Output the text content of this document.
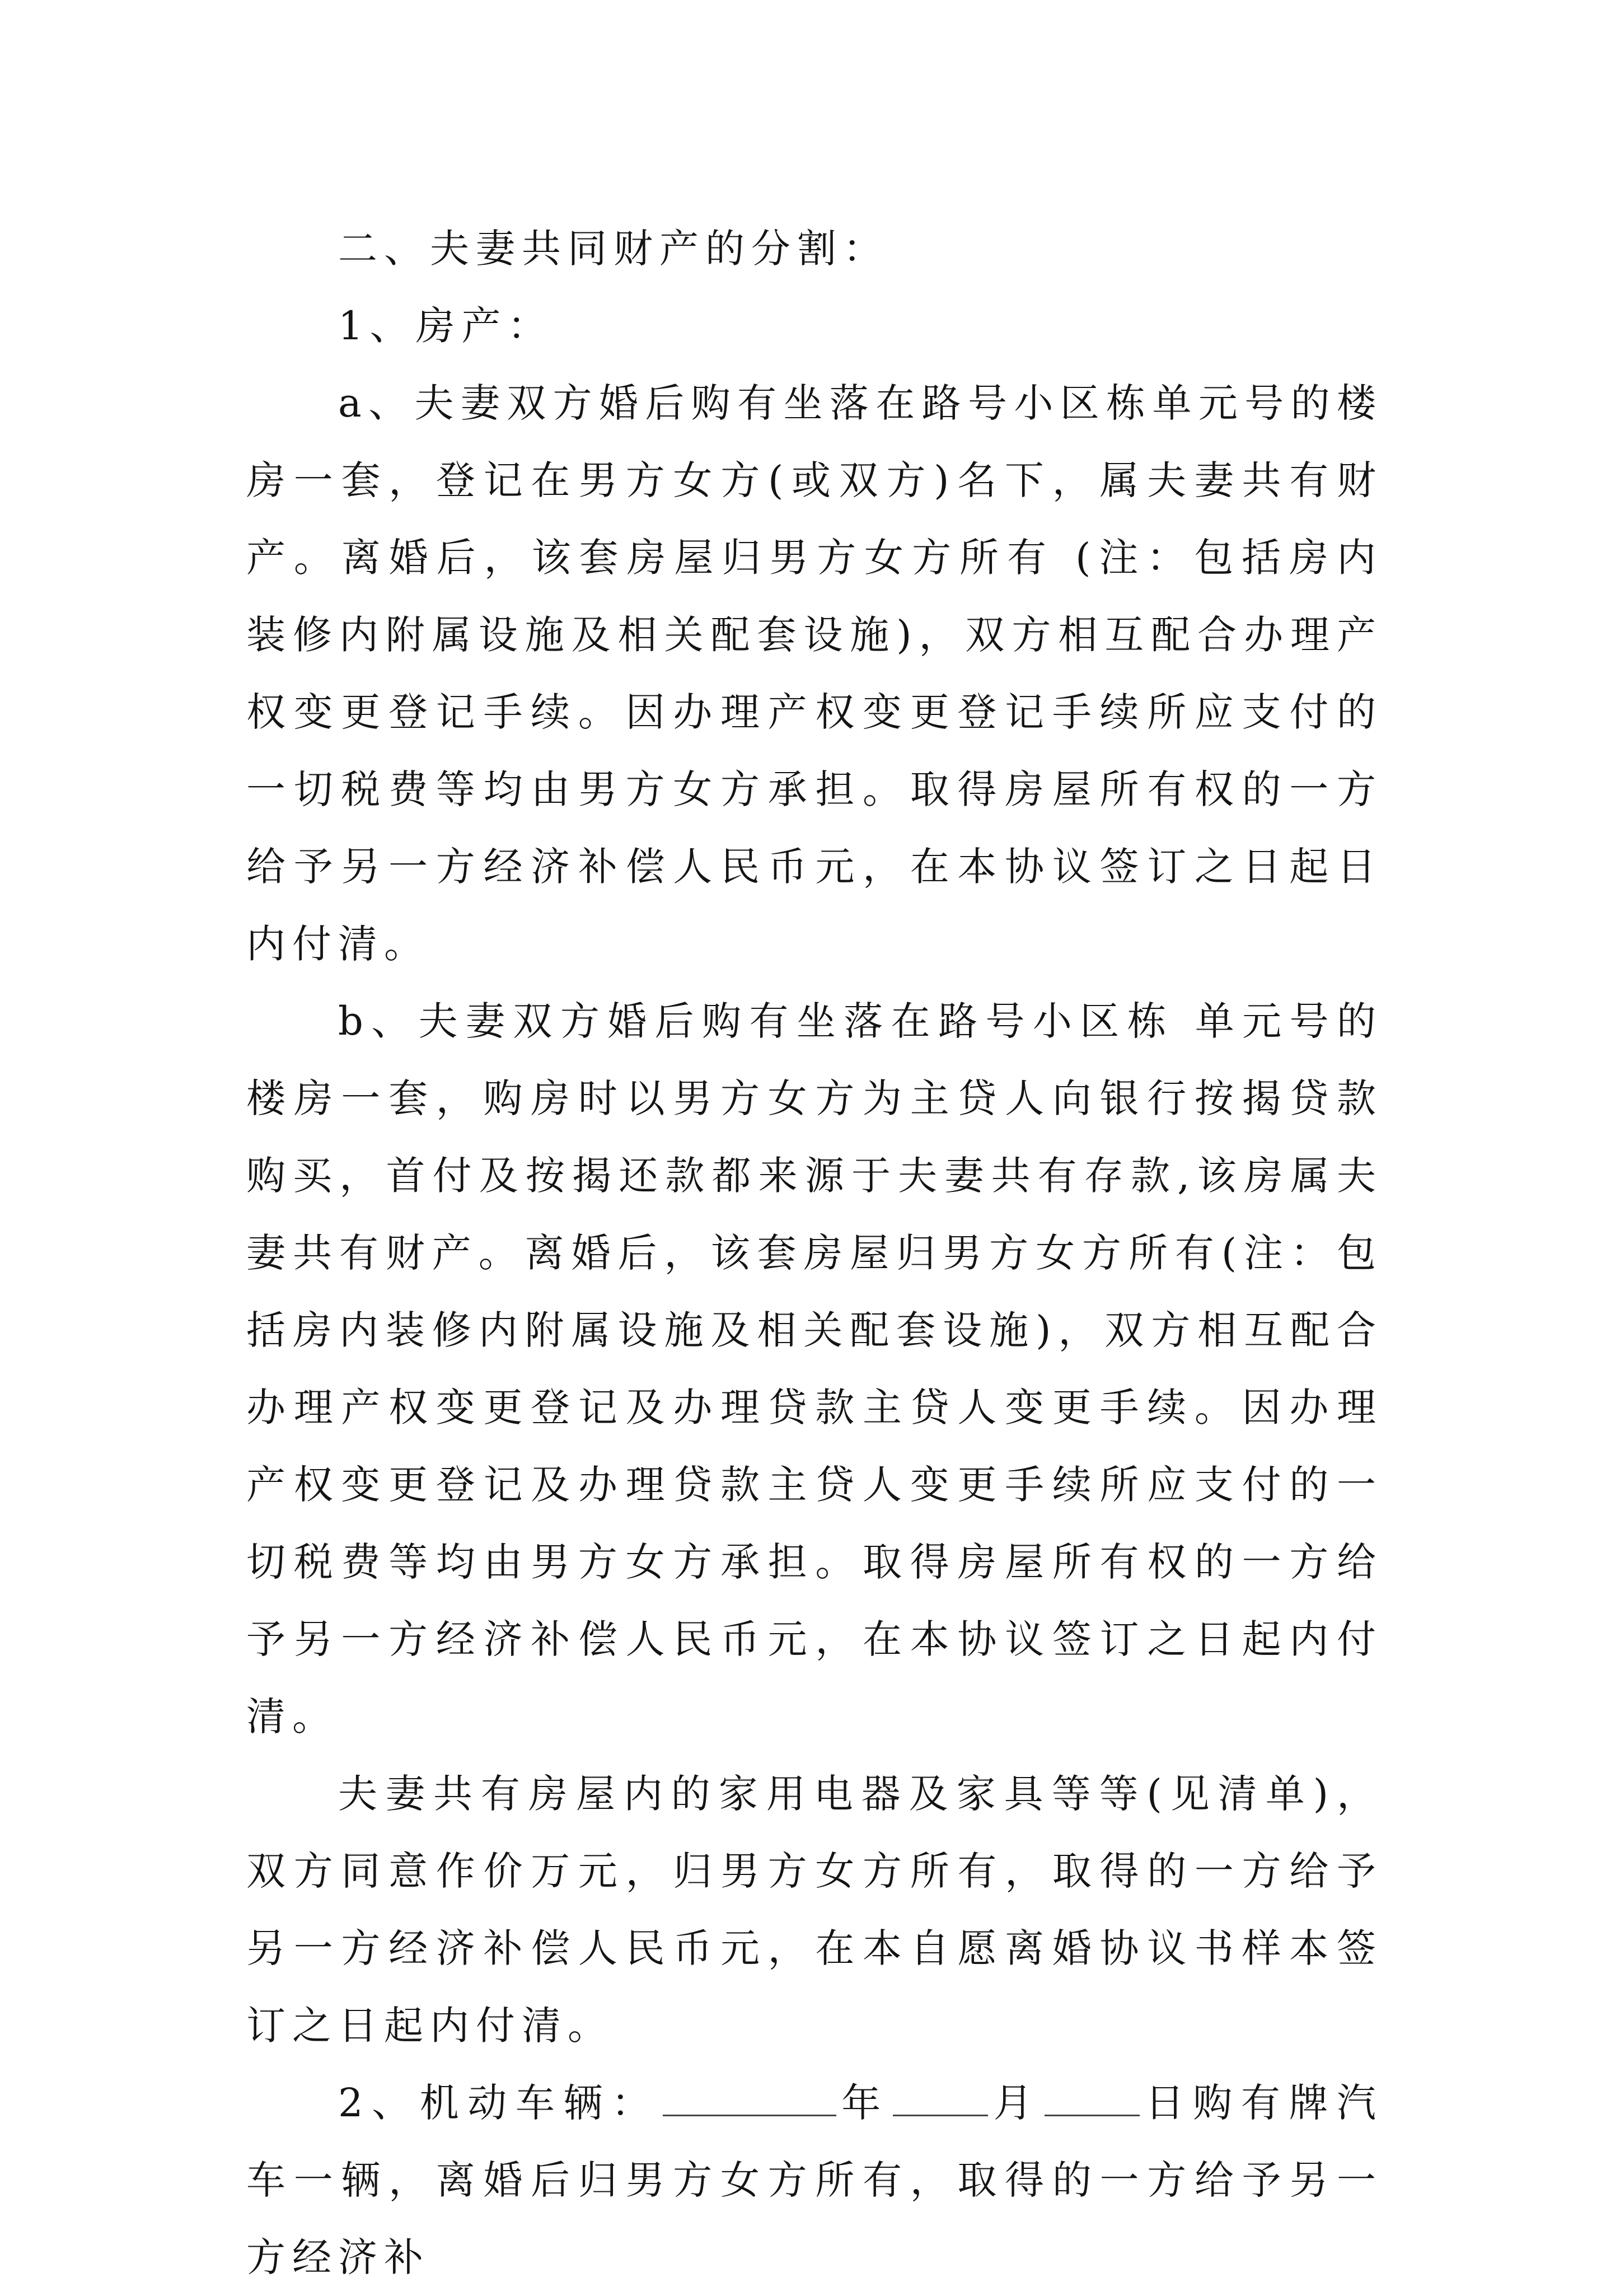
二、夫妻共同财产的分割：

1、房产：

a、夫妻双方婚后购有坐落在路号小区栋单元号的楼房一套，登记在男方女方(或双方)名下，属夫妻共有财产。离婚后，该套房屋归男方女方所有 (注：包括房内装修内附属设施及相关配套设施)，双方相互配合办理产权变更登记手续。因办理产权变更登记手续所应支付的一切税费等均由男方女方承担。取得房屋所有权的一方给予另一方经济补偿人民币元，在本协议签订之日起日内付清。

b、夫妻双方婚后购有坐落在路号小区栋 单元号的楼房一套，购房时以男方女方为主贷人向银行按揭贷款购买，首付及按揭还款都来源于夫妻共有存款,该房属夫妻共有财产。离婚后，该套房屋归男方女方所有(注：包括房内装修内附属设施及相关配套设施)，双方相互配合办理产权变更登记及办理贷款主贷人变更手续。因办理产权变更登记及办理贷款主贷人变更手续所应支付的一切税费等均由男方女方承担。取得房屋所有权的一方给予另一方经济补偿人民币元，在本协议签订之日起内付清。

夫妻共有房屋内的家用电器及家具等等(见清单)，双方同意作价万元，归男方女方所有，取得的一方给予另一方经济补偿人民币元，在本自愿离婚协议书样本签订之日起内付清。

2、机动车辆：	年	月	日购有牌汽车一辆，离婚后归男方女方所有，取得的一方给予另一方经济补
